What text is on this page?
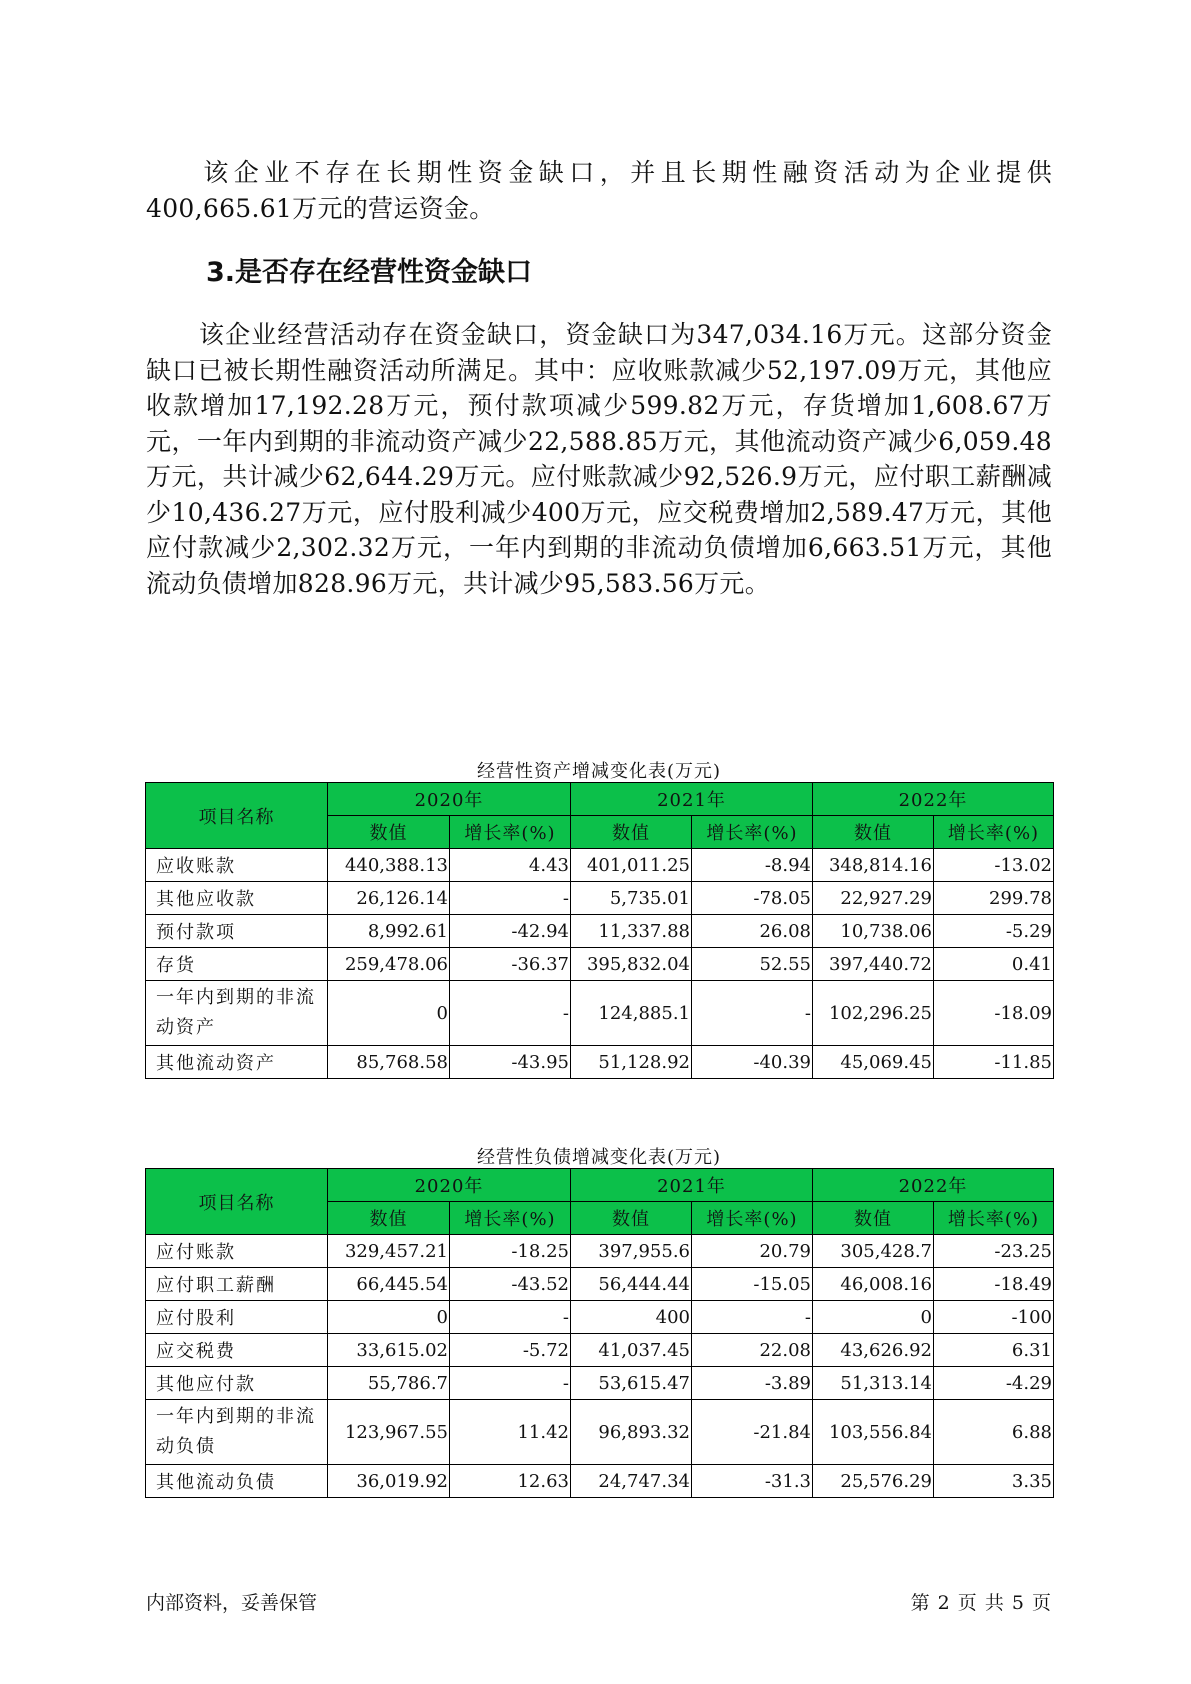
该企业不存在长期性资金缺口，并且长期性融资活动为企业提供400,665.61万元的营运资金。

3.是否存在经营性资金缺口

该企业经营活动存在资金缺口，资金缺口为347,034.16万元。这部分资金缺口已被长期性融资活动所满足。其中：应收账款减少52,197.09万元，其他应收款增加17,192.28万元，预付款项减少599.82万元，存货增加1,608.67万元，一年内到期的非流动资产减少22,588.85万元，其他流动资产减少6,059.48万元，共计减少62,644.29万元。应付账款减少92,526.9万元，应付职工薪酬减少10,436.27万元，应付股利减少400万元，应交税费增加2,589.47万元，其他应付款减少2,302.32万元，一年内到期的非流动负债增加6,663.51万元，其他流动负债增加828.96万元，共计减少95,583.56万元。

经营性资产增减变化表(万元)
项目名称	2020年		2021年		2022年	
	数值	增长率(%)	数值	增长率(%)	数值	增长率(%)
应收账款	440,388.13	4.43	401,011.25	-8.94	348,814.16	-13.02
其他应收款	26,126.14	-	5,735.01	-78.05	22,927.29	299.78
预付款项	8,992.61	-42.94	11,337.88	26.08	10,738.06	-5.29
存货	259,478.06	-36.37	395,832.04	52.55	397,440.72	0.41
一年内到期的非流动资产	0	-	124,885.1	-	102,296.25	-18.09
其他流动资产	85,768.58	-43.95	51,128.92	-40.39	45,069.45	-11.85
经营性负债增减变化表(万元)
项目名称	2020年		2021年		2022年	
	数值	增长率(%)	数值	增长率(%)	数值	增长率(%)
应付账款	329,457.21	-18.25	397,955.6	20.79	305,428.7	-23.25
应付职工薪酬	66,445.54	-43.52	56,444.44	-15.05	46,008.16	-18.49
应付股利	0	-	400	-	0	-100
应交税费	33,615.02	-5.72	41,037.45	22.08	43,626.92	6.31
其他应付款	55,786.7	-	53,615.47	-3.89	51,313.14	-4.29
一年内到期的非流动负债	123,967.55	11.42	96,893.32	-21.84	103,556.84	6.88
其他流动负债	36,019.92	12.63	24,747.34	-31.3	25,576.29	3.35
内部资料，妥善保管	第 2 页 共 5 页
